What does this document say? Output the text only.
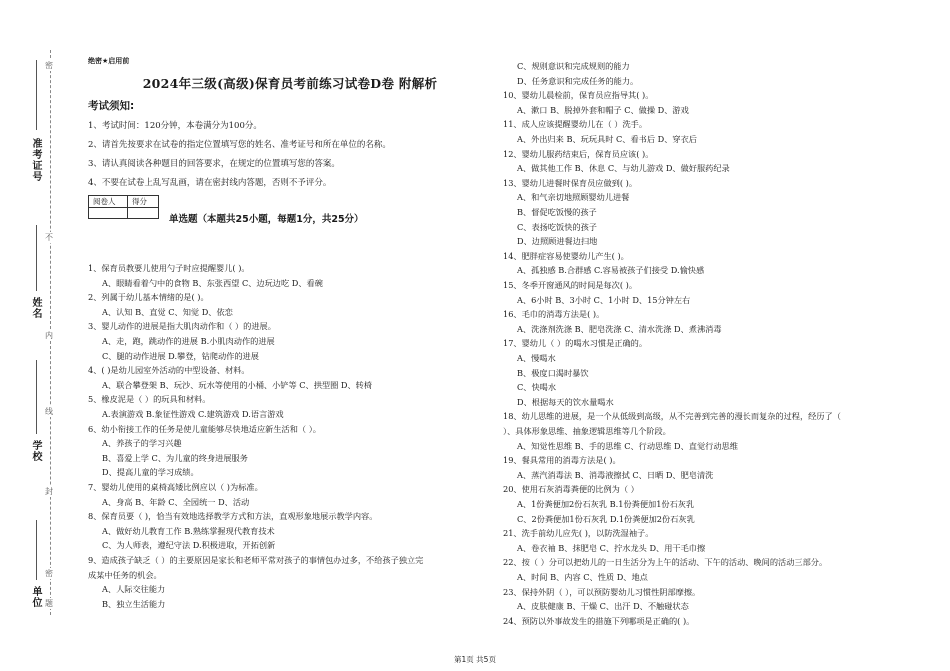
准考证号
姓名
学校
单位
密
不
内
线
封
密
题
绝密★启用前
2024年三级(高级)保育员考前练习试卷D卷 附解析
考试须知:
1、考试时间：120分钟，本卷满分为100分。
2、请首先按要求在试卷的指定位置填写您的姓名、准考证号和所在单位的名称。
3、请认真阅读各种题目的回答要求，在规定的位置填写您的答案。
4、不要在试卷上乱写乱画，请在密封线内答题，否则不予评分。
阅卷人	得分

单选题（本题共25小题，每题1分，共25分）
1、保育员教要儿使用勺子时应提醒婴儿( )。
A、眼睛看着勺中的食物 B、东张西望 C、边玩边吃 D、看碗
2、列属于幼儿基本情绪的是( )。
A、认知 B、直觉 C、知觉 D、依恋
3、婴儿动作的进展是指大肌肉动作和（ ）的进展。
A、走，跑，跳动作的进展 B.小肌肉动作的进展
C、腿的动作进展 D.攀登，钻爬动作的进展
4、( )是幼儿园室外活动的中型设备、材料。
A、联合攀登架 B、玩沙、玩水等使用的小桶、小铲等 C、拱型圈 D、转椅
5、橡皮泥是（ ）的玩具和材料。
A.表演游戏 B.象征性游戏 C.建筑游戏 D.语言游戏
6、幼小衔接工作的任务是使儿童能够尽快地适应新生活和（ ）。
A、养孩子的学习兴趣
B、喜爱上学 C、为儿童的终身进展服务
D、提高儿童的学习成绩。
7、婴幼儿使用的桌椅高矮比例应以（ )为标准。
A、身高 B、年龄 C、全园统一 D、活动
8、保育员要（ )，恰当有效地选择教学方式和方法，直观形象地展示教学内容。
A、做好幼儿教育工作 B.熟练掌握现代教育技术
C、为人师表，遵纪守法 D.积极进取，开拓创新
9、造成孩子缺乏（ ）的主要原因是家长和老师平常对孩子的事情包办过多，不给孩子独立完
成某中任务的机会。
A、人际交往能力
B、独立生活能力
C、规则意识和完成规则的能力
D、任务意识和完成任务的能力。
10、婴幼儿晨检前，保育员应指导其( )。
A、漱口 B、脱掉外套和帽子 C、做操 D、游戏
11、成人应该提醒婴幼儿在（ ）洗手。
A、外出归来 B、玩玩具时 C、看书后 D、穿衣后
12、婴幼儿服药结束后，保育员应该( )。
A、做其他工作 B、休息 C、与幼儿游戏 D、做好服药纪录
13、婴幼儿进餐时保育员应做到( )。
A、和气亲切地照顾婴幼儿进餐
B、督促吃饭慢的孩子
C、表扬吃饭快的孩子
D、边照顾进餐边扫地
14、肥胖症容易使婴幼儿产生( )。
A、孤独感 B.合群感 C.容易被孩子们接受 D.愉快感
15、冬季开窗通风的时间是每次( )。
A、6小时 B、3小时 C、1小时 D、15分钟左右
16、毛巾的消毒方法是( )。
A、洗涤剂洗涤 B、肥皂洗涤 C、清水洗涤 D、煮沸消毒
17、婴幼儿（ ）的喝水习惯是正确的。
A、慢喝水
B、极度口渴时暴饮
C、快喝水
D、根据每天的饮水量喝水
18、幼儿思维的进展，是一个从低级到高级，从不完善到完善的漫长而复杂的过程，经历了（
）、具体形象思维、抽象逻辑思维等几个阶段。
A、知觉性思维 B、手的思维 C、行动思维 D、直觉行动思维
19、餐具常用的消毒方法是( )。
A、蒸汽消毒法 B、消毒液擦拭 C、日晒 D、肥皂清洗
20、使用石灰消毒粪便的比例为（ ）
A、1份粪便加2份石灰乳 B.1份粪便加1份石灰乳
C、2份粪便加1份石灰乳 D.1份粪便加2份石灰乳
21、洗手前幼儿应先( )，以防洗湿袖子。
A、卷衣袖 B、抹肥皂 C、拧水龙头 D、用干毛巾擦
22、按（ ）分可以把幼儿的一日生活分为上午的活动、下午的活动、晚间的活动三部分。
A、时间 B、内容 C、性质 D、地点
23、保持外阴（ ），可以预防婴幼儿习惯性阴部摩擦。
A、皮肤健康 B、干燥 C、出汗 D、不触碰状态
24、预防以外事故发生的措施下列哪项是正确的( )。
第1页 共5页
